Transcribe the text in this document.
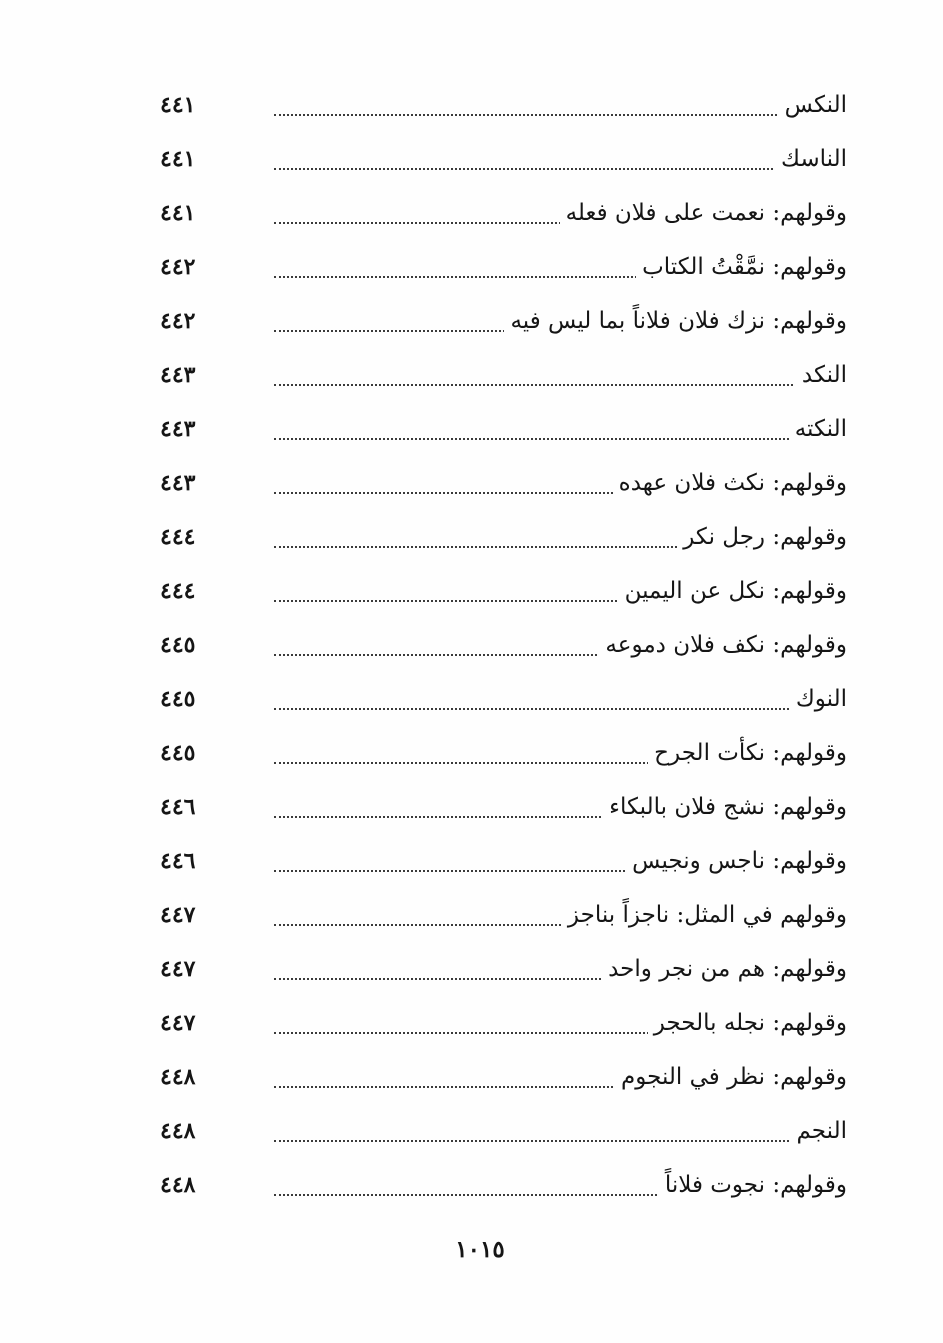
النكس
٤٤١
الناسك
٤٤١
وقولهم: نعمت على فلان فعله
٤٤١
وقولهم: نمَّقْتُ الكتاب
٤٤٢
وقولهم: نزك فلان فلاناً بما ليس فيه
٤٤٢
النكد
٤٤٣
النكته
٤٤٣
وقولهم: نكث فلان عهده
٤٤٣
وقولهم: رجل نكر
٤٤٤
وقولهم: نكل عن اليمين
٤٤٤
وقولهم: نكف فلان دموعه
٤٤٥
النوك
٤٤٥
وقولهم: نكأت الجرح
٤٤٥
وقولهم: نشج فلان بالبكاء
٤٤٦
وقولهم: ناجس ونجيس
٤٤٦
وقولهم في المثل: ناجزاً بناجز
٤٤٧
وقولهم: هم من نجر واحد
٤٤٧
وقولهم: نجله بالحجر
٤٤٧
وقولهم: نظر في النجوم
٤٤٨
النجم
٤٤٨
وقولهم: نجوت فلاناً
٤٤٨
١٠١٥
